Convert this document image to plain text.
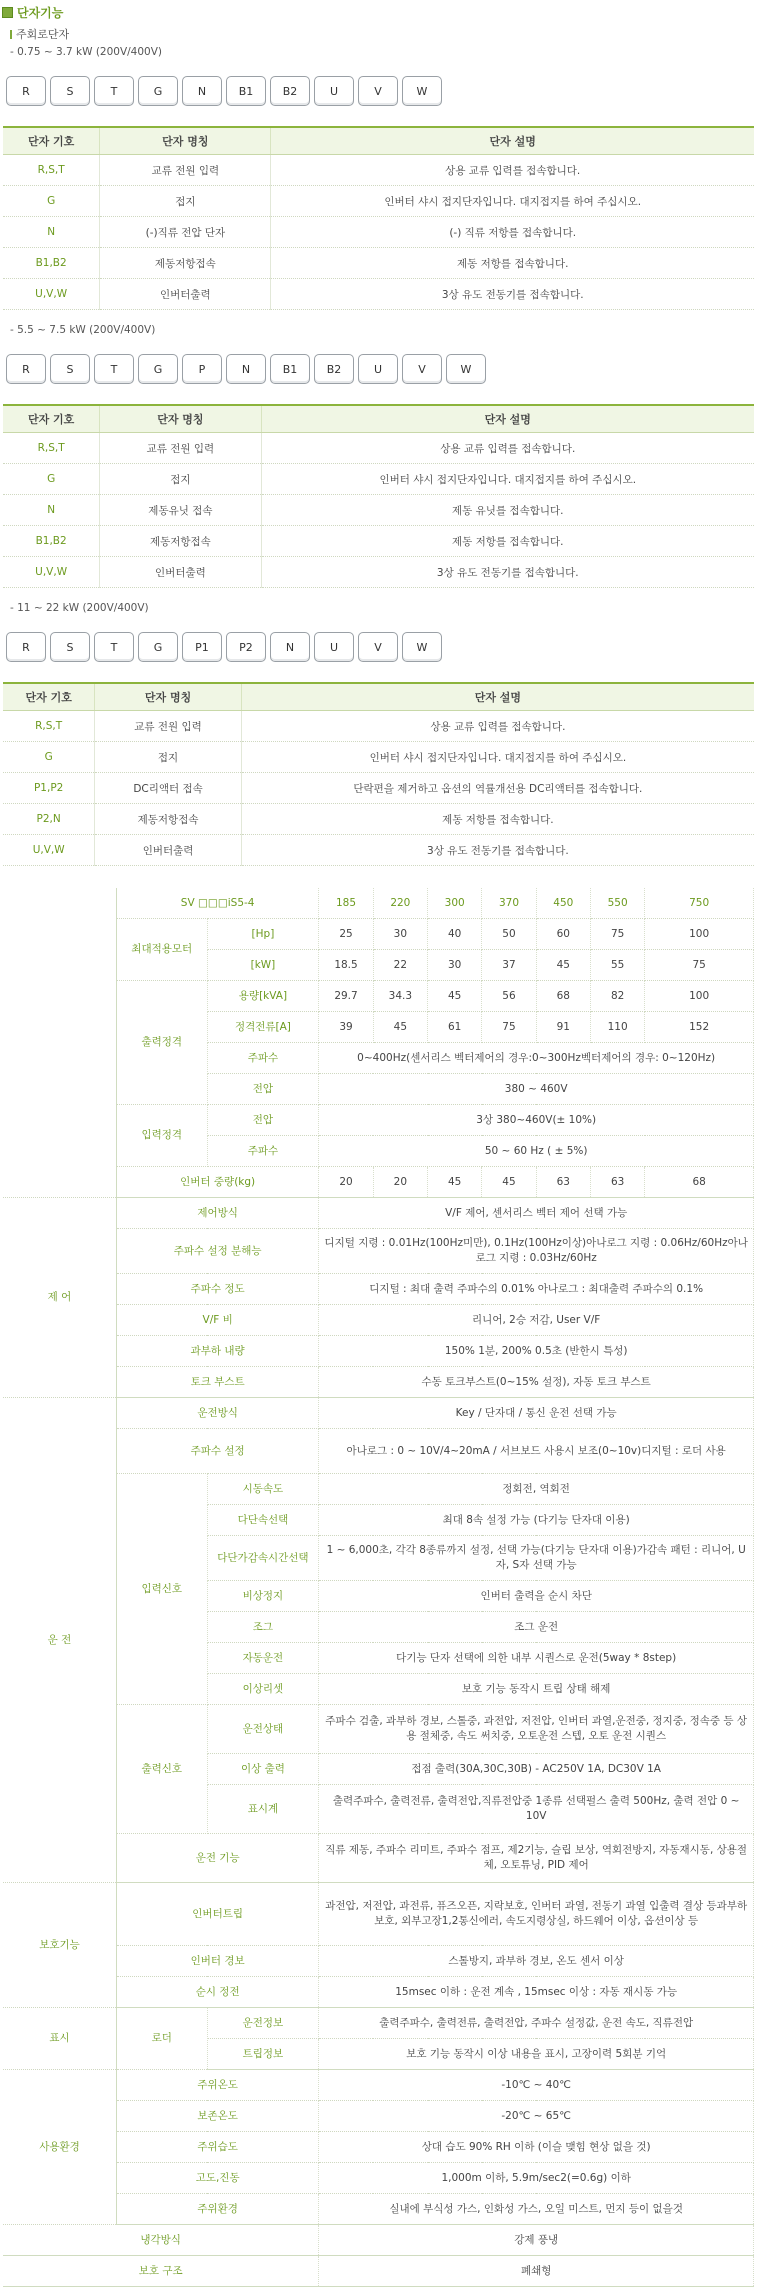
단자기능
주회로단자
- 0.75 ~ 3.7 kW (200V/400V)
R	S	T	G	N	B1	B2	U	V	W
단자 기호	단자 명칭	단자 설명
R,S,T	교류 전원 입력	상용 교류 입력를 접속합니다.
G	접지	인버터 샤시 접지단자입니다. 대지접지를 하여 주십시오.
N	(-)직류 전압 단자	(-) 직류 저항를 접속합니다.
B1,B2	제동저항접속	제동 저항를 접속합니다.
U,V,W	인버터출력	3상 유도 전동기를 접속합니다.
- 5.5 ~ 7.5 kW (200V/400V)
R	S	T	G	P	N	B1	B2	U	V	W
단자 기호	단자 명칭	단자 설명
R,S,T	교류 전원 입력	상용 교류 입력를 접속합니다.
G	접지	인버터 샤시 접지단자입니다. 대지접지를 하여 주십시오.
N	제동유닛 접속	제동 유닛를 접속합니다.
B1,B2	제동저항접속	제동 저항를 접속합니다.
U,V,W	인버터출력	3상 유도 전동기를 접속합니다.
- 11 ~ 22 kW (200V/400V)
R	S	T	G	P1	P2	N	U	V	W
단자 기호	단자 명칭	단자 설명
R,S,T	교류 전원 입력	상용 교류 입력를 접속합니다.
G	접지	인버터 샤시 접지단자입니다. 대지접지를 하여 주십시오.
P1,P2	DC리액터 접속	단락편을 제거하고 옵션의 역률개선용 DC리액터를 접속합니다.
P2,N	제동저항접속	제동 저항를 접속합니다.
U,V,W	인버터출력	3상 유도 전동기를 접속합니다.
	SV □□□iS5-4		185	220	300	370	450	550	750
	최대적용모터	[Hp]	25	30	40	50	60	75	100
		[kW]	18.5	22	30	37	45	55	75
	출력정격	용량[kVA]	29.7	34.3	45	56	68	82	100
		정격전류[A]	39	45	61	75	91	110	152
		주파수	0~400Hz(센서리스 벡터제어의 경우:0~300Hz벡터제어의 경우: 0~120Hz)						
		전압	380 ~ 460V						
	입력정격	전압	3상 380~460V(± 10%)						
		주파수	50 ~ 60 Hz ( ± 5%)						
	인버터 중량(kg)		20	20	45	45	63	63	68
제 어	제어방식		V/F 제어, 센서리스 벡터 제어 선택 가능						
	주파수 설정 분해능		디지털 지령 : 0.01Hz(100Hz미만), 0.1Hz(100Hz이상)아나로그 지령 : 0.06Hz/60Hz아나로그 지령 : 0.03Hz/60Hz						
	주파수 정도		디지털 : 최대 출력 주파수의 0.01% 아나로그 : 최대출력 주파수의 0.1%						
	V/F 비		리니어, 2승 저감, User V/F						
	과부하 내량		150% 1분, 200% 0.5초 (반한시 특성)						
	토크 부스트		수동 토크부스트(0~15% 설정), 자동 토크 부스트						
운 전	운전방식		Key / 단자대 / 통신 운전 선택 가능						
	주파수 설정		아나로그 : 0 ~ 10V/4~20mA / 서브보드 사용시 보조(0~10v)디지털 : 로더 사용						
	입력신호	시동속도	정회전, 역회전						
		다단속선택	최대 8속 설정 가능 (다기능 단자대 이용)						
		다단가감속시간선택	1 ~ 6,000초, 각각 8종류까지 설정, 선택 가능(다기능 단자대 이용)가감속 패턴 : 리니어, U자, S자 선택 가능						
		비상정지	인버터 출력을 순시 차단						
		조그	조그 운전						
		자동운전	다기능 단자 선택에 의한 내부 시퀀스로 운전(5way * 8step)						
		이상리셋	보호 기능 동작시 트립 상태 해제						
	출력신호	운전상태	주파수 검출, 과부하 경보, 스톨중, 과전압, 저전압, 인버터 과열,운전중, 정지중, 정속중 등 상용 절체중, 속도 써치중, 오토운전 스텝, 오토 운전 시퀀스						
		이상 출력	접점 출력(30A,30C,30B) - AC250V 1A, DC30V 1A						
		표시계	출력주파수, 출력전류, 출력전압,직류전압중 1종류 선택펄스 출력 500Hz, 출력 전압 0 ~ 10V						
	운전 기능		직류 제동, 주파수 리미트, 주파수 점프, 제2기능, 슬립 보상, 역회전방지, 자동재시동, 상용절체, 오토튜닝, PID 제어						
보호기능	인버터트립		과전압, 저전압, 과전류, 퓨즈오픈, 지락보호, 인버터 과열, 전동기 과열 입출력 결상 등과부하 보호, 외부고장1,2통신에러, 속도지령상실, 하드웨어 이상, 옵션이상 등						
	인버터 경보		스톨방지, 과부하 경보, 온도 센서 이상						
	순시 정전		15msec 이하 : 운전 계속 , 15msec 이상 : 자동 재시동 가능						
표시	로더	운전정보	출력주파수, 출력전류, 출력전압, 주파수 설정값, 운전 속도, 직류전압						
		트립정보	보호 기능 동작시 이상 내용을 표시, 고장이력 5회분 기억						
사용환경	주위온도		-10℃ ~ 40℃						
	보존온도		-20℃ ~ 65℃						
	주위습도		상대 습도 90% RH 이하 (이슬 맺힘 현상 없을 것)						
	고도,진동		1,000m 이하, 5.9m/sec2(=0.6g) 이하						
	주위환경		실내에 부식성 가스, 인화성 가스, 오일 미스트, 먼지 등이 없을것						
냉각방식			강제 풍냉						
보호 구조			폐쇄형						
